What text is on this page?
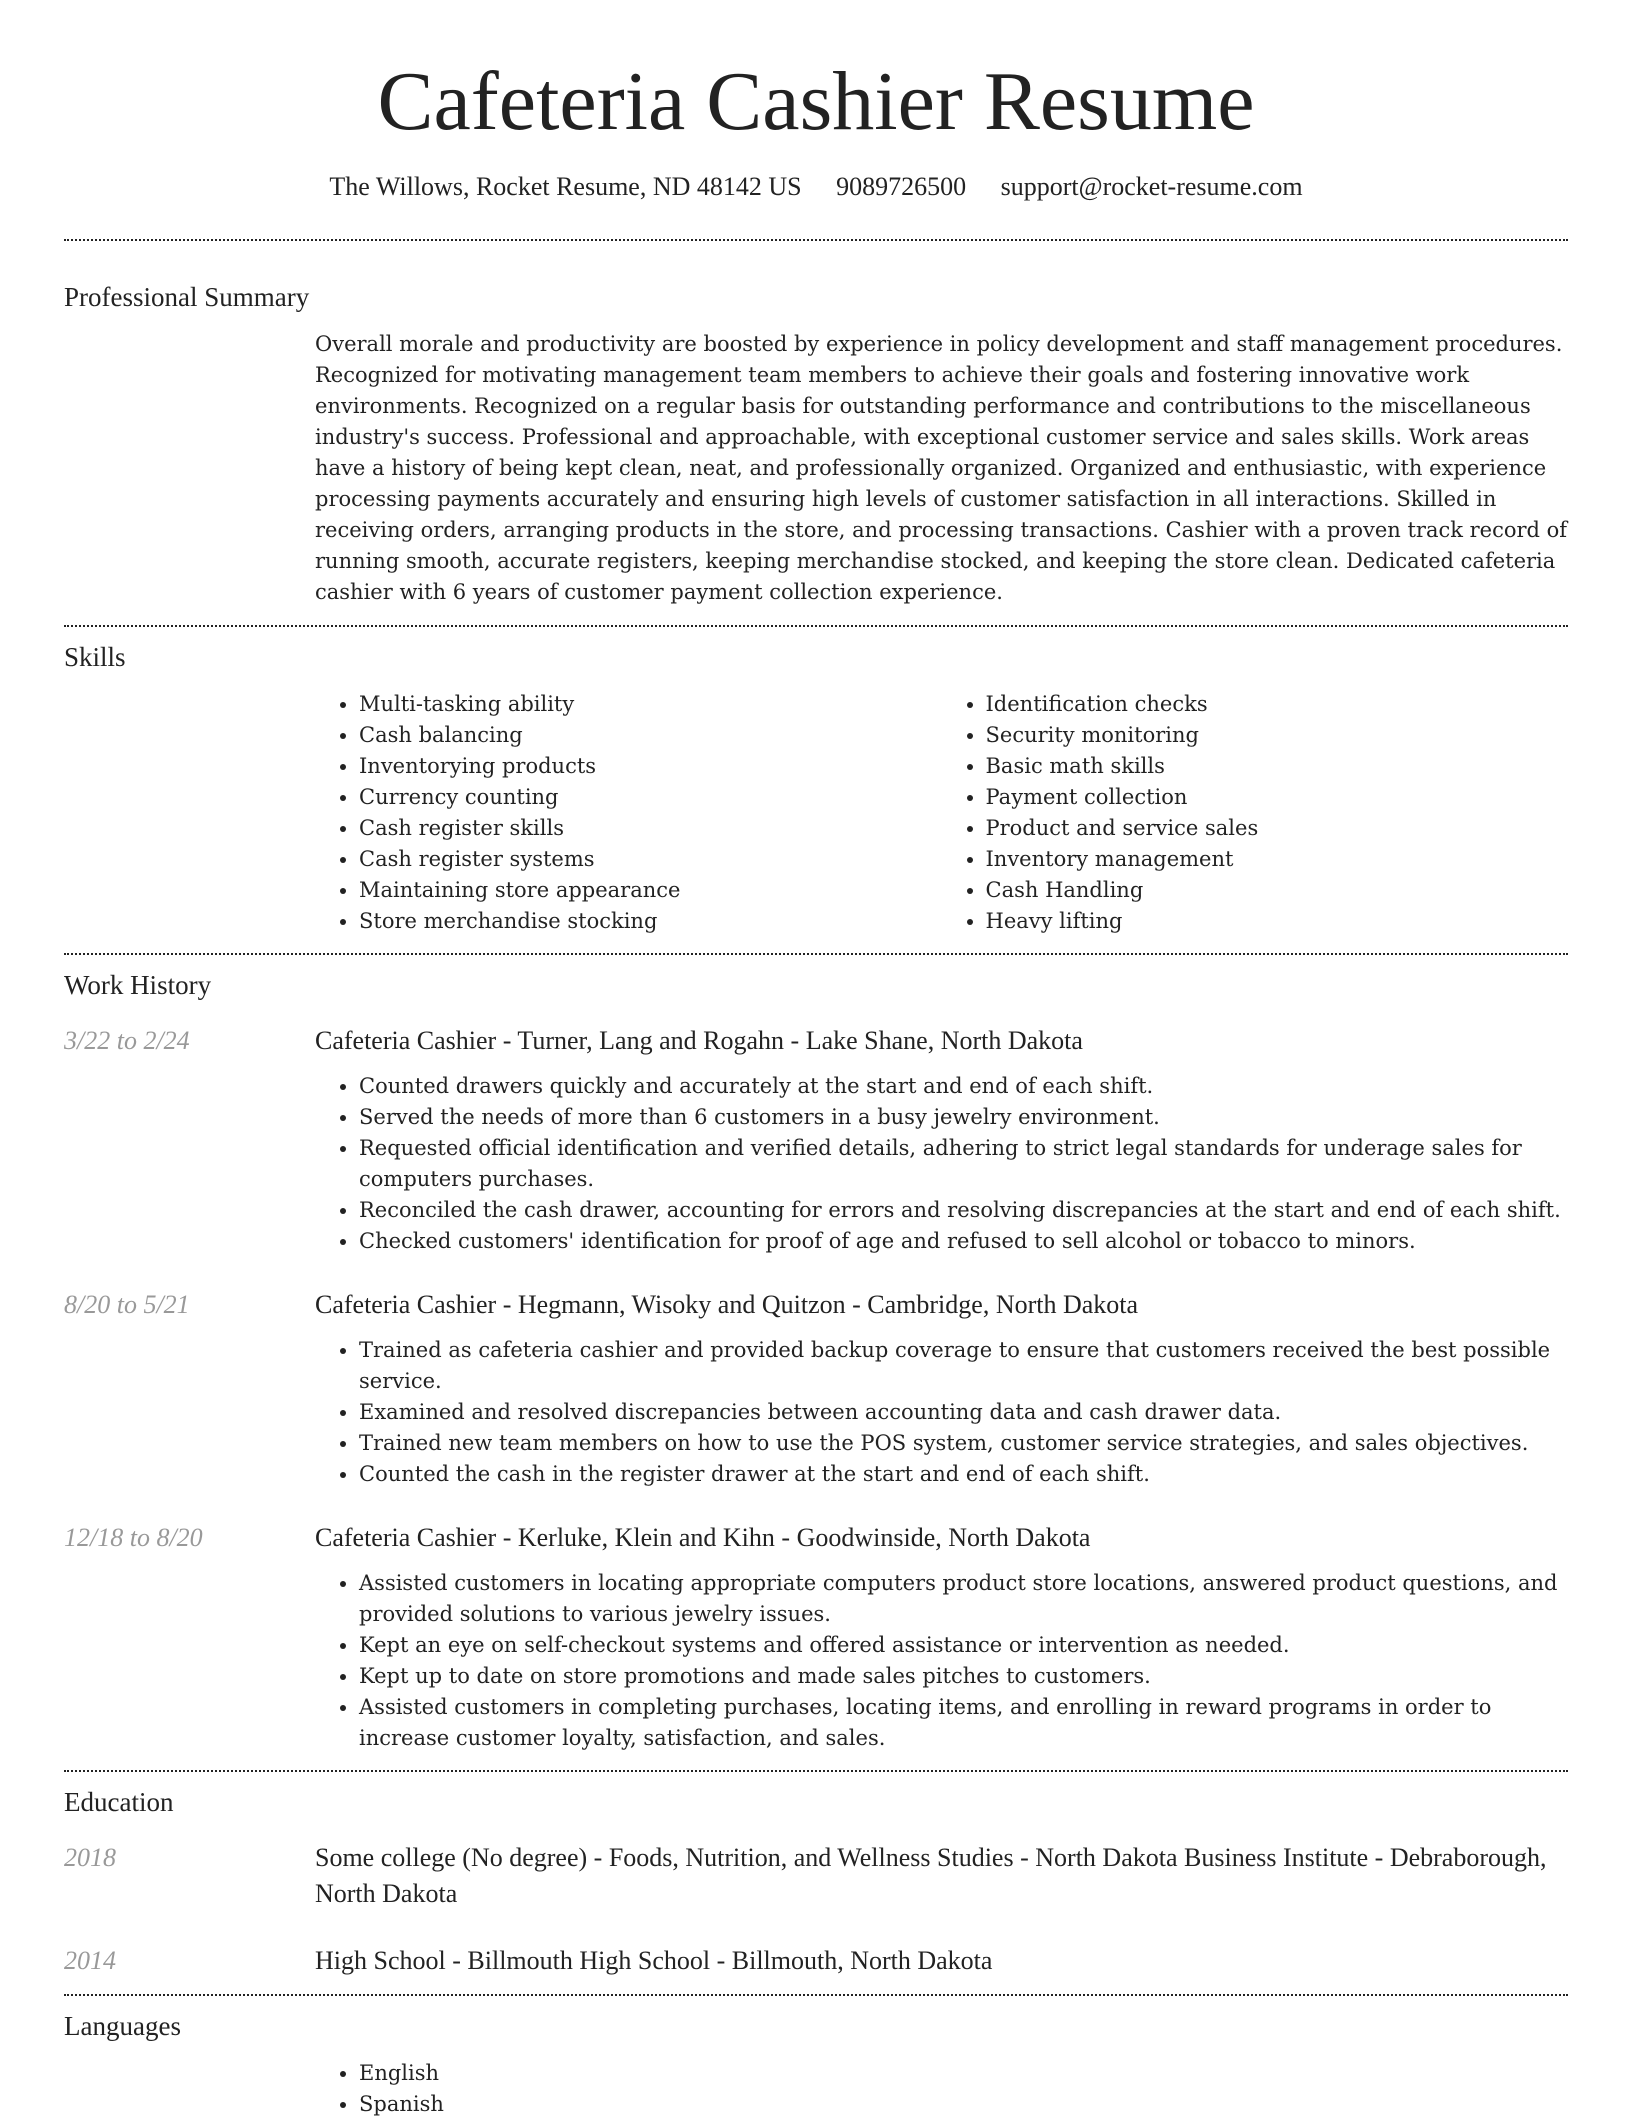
Cafeteria Cashier Resume
The Willows, Rocket Resume, ND 48142 US 9089726500 support@rocket-resume.com
Professional Summary

Overall morale and productivity are boosted by experience in policy development and staff management procedures. Recognized for motivating management team members to achieve their goals and fostering innovative work environments. Recognized on a regular basis for outstanding performance and contributions to the miscellaneous industry's success. Professional and approachable, with exceptional customer service and sales skills. Work areas have a history of being kept clean, neat, and professionally organized. Organized and enthusiastic, with experience processing payments accurately and ensuring high levels of customer satisfaction in all interactions. Skilled in receiving orders, arranging products in the store, and processing transactions. Cashier with a proven track record of running smooth, accurate registers, keeping merchandise stocked, and keeping the store clean. Dedicated cafeteria cashier with 6 years of customer payment collection experience.

Skills
• Multi-tasking ability
• Cash balancing
• Inventorying products
• Currency counting
• Cash register skills
• Cash register systems
• Maintaining store appearance
• Store merchandise stocking
• Identification checks
• Security monitoring
• Basic math skills
• Payment collection
• Product and service sales
• Inventory management
• Cash Handling
• Heavy lifting
Work History
3/22 to 2/24	Cafeteria Cashier - Turner, Lang and Rogahn - Lake Shane, North Dakota
• Counted drawers quickly and accurately at the start and end of each shift.
• Served the needs of more than 6 customers in a busy jewelry environment.
• Requested official identification and verified details, adhering to strict legal standards for underage sales for computers purchases.
• Reconciled the cash drawer, accounting for errors and resolving discrepancies at the start and end of each shift.
• Checked customers' identification for proof of age and refused to sell alcohol or tobacco to minors.
8/20 to 5/21	Cafeteria Cashier - Hegmann, Wisoky and Quitzon - Cambridge, North Dakota
• Trained as cafeteria cashier and provided backup coverage to ensure that customers received the best possible service.
• Examined and resolved discrepancies between accounting data and cash drawer data.
• Trained new team members on how to use the POS system, customer service strategies, and sales objectives.
• Counted the cash in the register drawer at the start and end of each shift.
12/18 to 8/20	Cafeteria Cashier - Kerluke, Klein and Kihn - Goodwinside, North Dakota
• Assisted customers in locating appropriate computers product store locations, answered product questions, and provided solutions to various jewelry issues.
• Kept an eye on self-checkout systems and offered assistance or intervention as needed.
• Kept up to date on store promotions and made sales pitches to customers.
• Assisted customers in completing purchases, locating items, and enrolling in reward programs in order to increase customer loyalty, satisfaction, and sales.
Education
2018	Some college (No degree) - Foods, Nutrition, and Wellness Studies - North Dakota Business Institute - Debraborough, North Dakota
2014	High School - Billmouth High School - Billmouth, North Dakota
Languages
• English
• Spanish
